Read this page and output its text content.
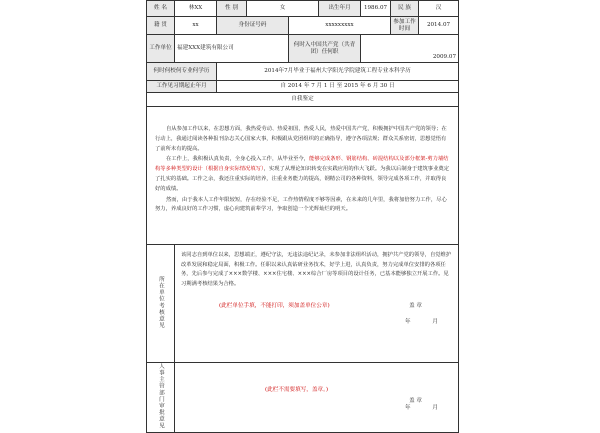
姓 名	林XX	性 别	女		出生年月	1986.07	民 族	汉
籍 贯	xx	身份证号码		xxxxxxxxx			参加工作时间	2014.07
工作单位	福建XXX建筑有限公司			何时入中国共产党（共青团）任何职		2009.07		
何时何校何专业何学历		2014年7月毕业于福州大学阳光学院建筑工程专业本科学历						
工作见习期起止年月		自 2014 年 7 月 1 日 至 2015 年 6 月 30 日						
自我鉴定								

自从参加工作以来，在思想方面，我热爱劳动、热爱祖国，热爱人民，热爱中国共产党，积极拥护中国共产党的领导；在行动上，我通过阅读各种报刊杂志关心国家大事，积极跟从党团组织的正确指导，遵守各项法规；群众关系密切，思想觉悟有了前所未有的提高。

在工作上，我积极认真负责，全身心投入工作，从毕业至今，能够完成条形、钢筋结构、砖混结构以及部分框架-剪力墙结构等多种类型的设计（根据自身实际情况填写），实现了从理论知识转变在实践应用的伟大飞跃。为我以后制身于建筑事业奠定了扎实的基础。工作之余，我还注重实际的培养，注重业务能力的提高，钢精公司的各种资料，领导完成各项工作，并取得良好的成绩。

然而，由于我本人工作年限较短，存在经验不足，工作热情程度不够等因素，在未来的几年里，我将加倍努力工作，尽心努力，养成良好的工作习惯，虚心向建筑前辈学习，争取创造一个光辉灿烂的明天。								

所在单位考核意见	该同志自到单位以来，思想端正，遵纪守法，无违法违纪记录，未参加非法组织活动，拥护共产党的领导，自觉维护改革发展和稳定局面，积极工作。任职以来认真钻研业务技术，好学上进，认真负责，努力完成单位安排的各项任务，先后参与完成了×××数学楼、×××住宅楼、×××综合厂房等项目的设计任务，已基本能够独立开展工作。见习期满考核结果为合格。
(此栏单位手填，不能打印，须加盖单位公章) 盖 章
年 月							

人事主管部门审批意见	(此栏不需要填写，盖章。)
盖 章
年 月							
